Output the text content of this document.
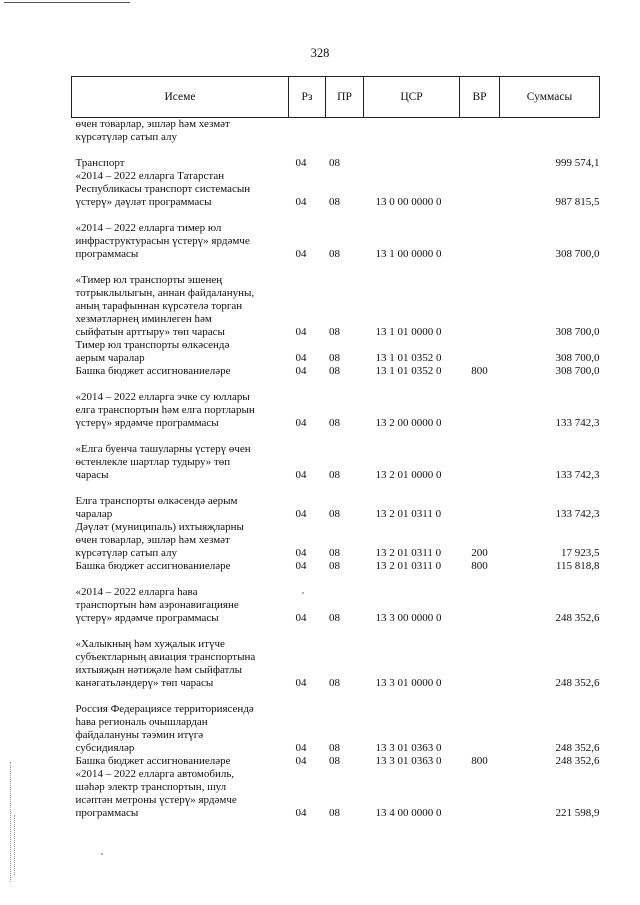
328
Исеме	Рз	ПР	ЦСР	ВР	Суммасы

өчен товарлар, эшләр һәм хезмәт
күрсәтүләр сатып алу					

Транспорт	04	08			999 574,1

«2014 – 2022 елларга Татарстан
Республикасы транспорт системасын
үстерү» дәүләт программасы	04	08	13 0 00 0000 0		987 815,5

«2014 – 2022 елларга тимер юл
инфраструктурасын үстерү» ярдәмче
программасы	04	08	13 1 00 0000 0		308 700,0

«Тимер юл транспорты эшенең
тотрыклылыгын, аннан файдалануны,
аның тарафыннан күрсәтелә торган
хезмәтләрнең иминлеген һәм
сыйфатын арттыру» төп чарасы	04	08	13 1 01 0000 0		308 700,0

Тимер юл транспорты өлкәсендә
аерым чаралар	04	08	13 1 01 0352 0		308 700,0

Башка бюджет ассигнованиеләре	04	08	13 1 01 0352 0	800	308 700,0

«2014 – 2022 елларга эчке су юллары
елга транспортын һәм елга портларын
үстерү» ярдәмче программасы	04	08	13 2 00 0000 0		133 742,3

«Елга буенча ташуларны үстерү өчен
өстенлекле шартлар тудыру» төп
чарасы	04	08	13 2 01 0000 0		133 742,3

Елга транспорты өлкәсендә аерым
чаралар	04	08	13 2 01 0311 0		133 742,3

Дәүләт (муниципаль) ихтыяҗларны
өчен товарлар, эшләр һәм хезмәт
күрсәтүләр сатып алу	04	08	13 2 01 0311 0	200	17 923,5

Башка бюджет ассигнованиеләре	04	08	13 2 01 0311 0	800	115 818,8

«2014 – 2022 елларга һава
транспортын һәм аэронавигацияне
үстерү» ярдәмче программасы	04	08	13 3 00 0000 0		248 352,6

«Халыкның һәм хуҗалык итүче
субъектларның авиация транспортына
ихтыяҗын нәтиҗәле һәм сыйфатлы
канәгатьләндерү» төп чарасы	04	08	13 3 01 0000 0		248 352,6

Россия Федерациясе территориясендә
һава региональ очышлардан
файдалануны тәэмин итүгә
субсидияләр	04	08	13 3 01 0363 0		248 352,6

Башка бюджет ассигнованиеләре	04	08	13 3 01 0363 0	800	248 352,6

«2014 – 2022 елларга автомобиль,
шәһәр электр транспортын, шул
исәптән метроны үстерү» ярдәмче
программасы	04	08	13 4 00 0000 0		221 598,9
